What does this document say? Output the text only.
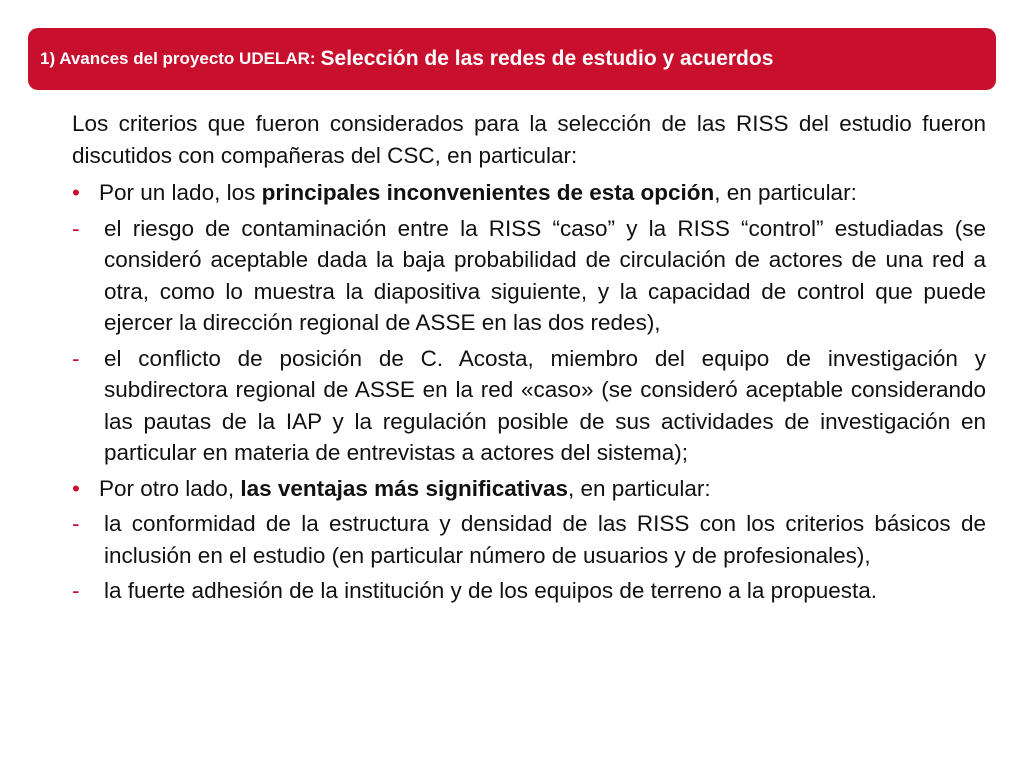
1) Avances del proyecto UDELAR: Selección de las redes de estudio y acuerdos

Los criterios que fueron considerados para la selección de las RISS del estudio fueron discutidos con compañeras del CSC, en particular:

• Por un lado, los principales inconvenientes de esta opción, en particular:
-	el riesgo de contaminación entre la RISS “caso” y la RISS “control” estudiadas (se consideró aceptable dada la baja probabilidad de circulación de actores de una red a otra, como lo muestra la diapositiva siguiente, y la capacidad de control que puede ejercer la dirección regional de ASSE en las dos redes),
-	el conflicto de posición de C. Acosta, miembro del equipo de investigación y subdirectora regional de ASSE en la red «caso» (se consideró aceptable considerando las pautas de la IAP y la regulación posible de sus actividades de investigación en particular en materia de entrevistas a actores del sistema);
• Por otro lado, las ventajas más significativas, en particular:
-	la conformidad de la estructura y densidad de las RISS con los criterios básicos de inclusión en el estudio (en particular número de usuarios y de profesionales),
-	la fuerte adhesión de la institución y de los equipos de terreno a la propuesta.
